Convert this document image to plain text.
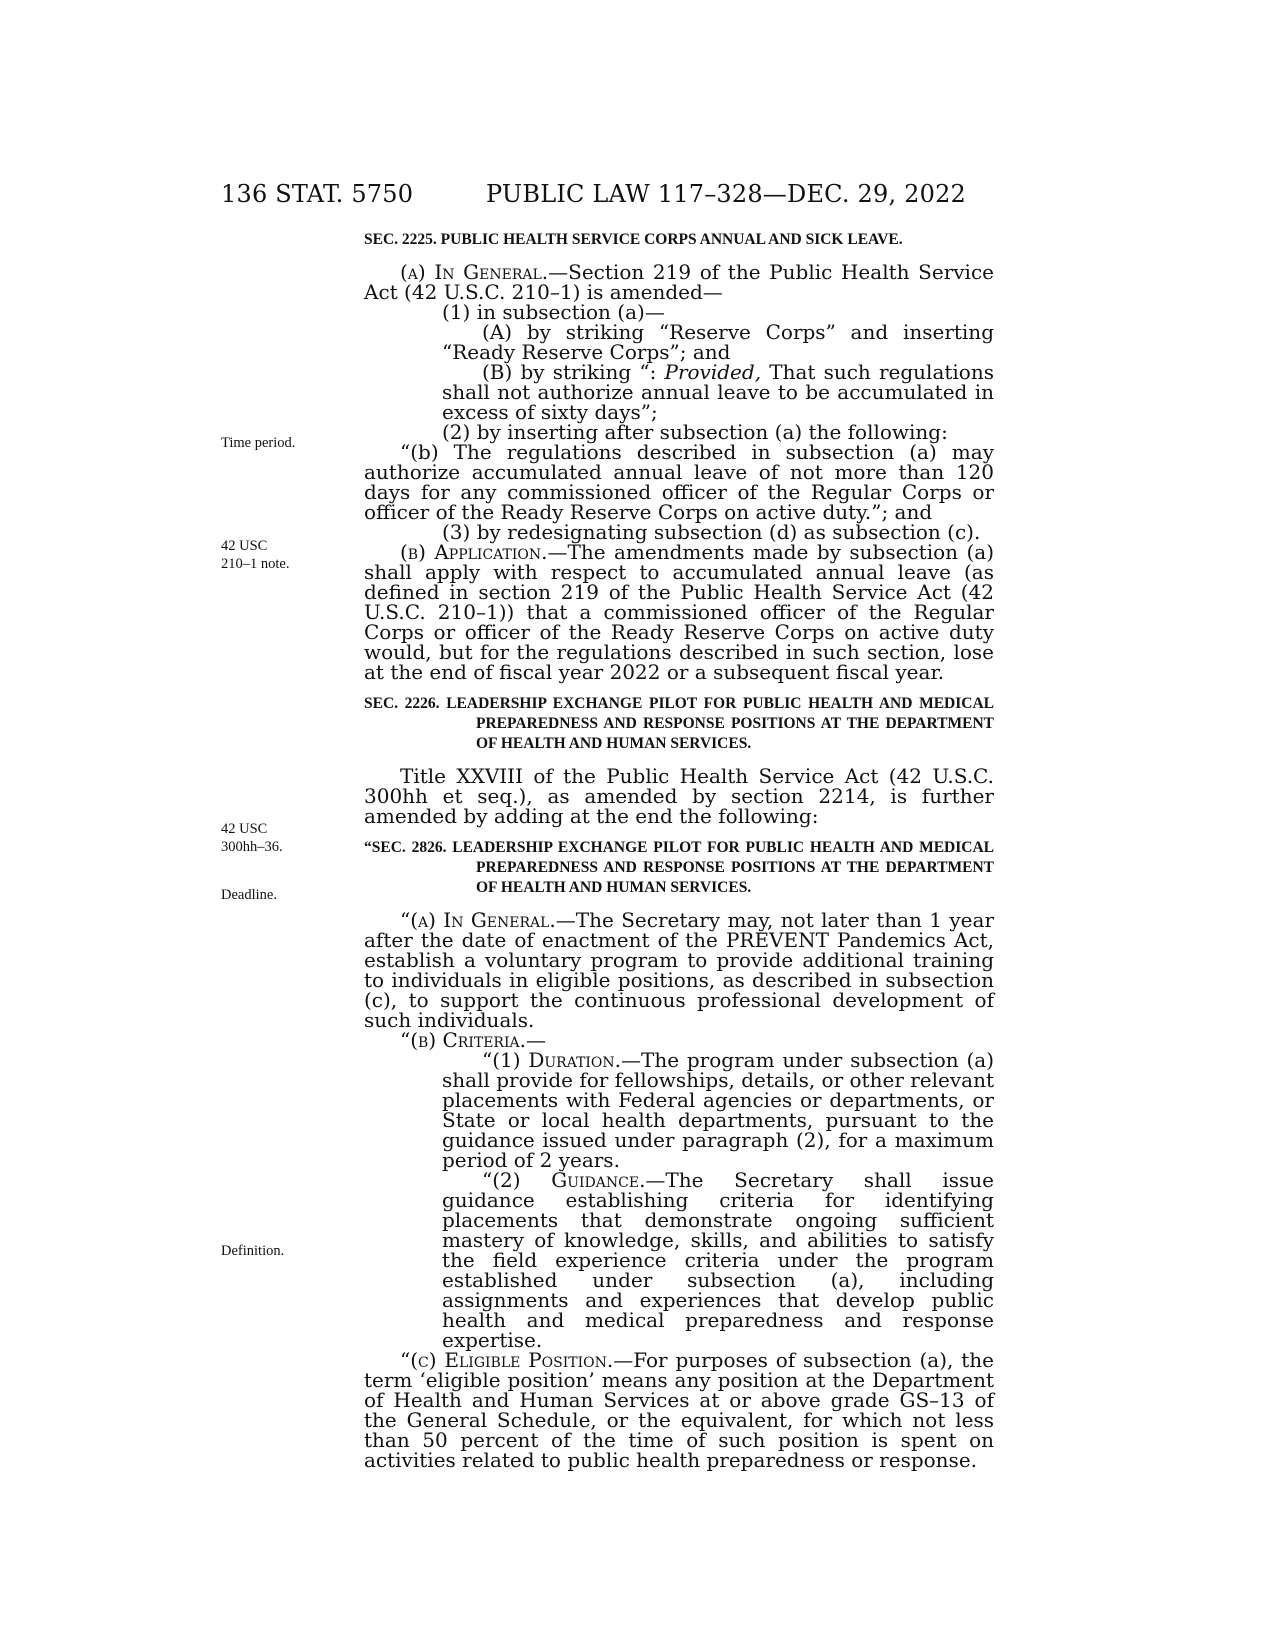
136 STAT. 5750	PUBLIC LAW 117–328—DEC. 29, 2022
Time period.
42 USC
210–1 note.
42 USC
300hh–36.
Deadline.
Definition.
SEC. 2225. PUBLIC HEALTH SERVICE CORPS ANNUAL AND SICK LEAVE.

(a) In General.—Section 219 of the Public Health Service Act (42 U.S.C. 210–1) is amended—

(1) in subsection (a)—

(A) by striking “Reserve Corps” and inserting “Ready Reserve Corps”; and

(B) by striking “: Provided, That such regulations shall not authorize annual leave to be accumulated in excess of sixty days”;

(2) by inserting after subsection (a) the following:

“(b) The regulations described in subsection (a) may authorize accumulated annual leave of not more than 120 days for any commissioned officer of the Regular Corps or officer of the Ready Reserve Corps on active duty.”; and

(3) by redesignating subsection (d) as subsection (c).

(b) Application.—The amendments made by subsection (a) shall apply with respect to accumulated annual leave (as defined in section 219 of the Public Health Service Act (42 U.S.C. 210–1)) that a commissioned officer of the Regular Corps or officer of the Ready Reserve Corps on active duty would, but for the regulations described in such section, lose at the end of fiscal year 2022 or a subsequent fiscal year.

SEC. 2226. LEADERSHIP EXCHANGE PILOT FOR PUBLIC HEALTH AND MEDICAL PREPAREDNESS AND RESPONSE POSITIONS AT THE DEPARTMENT OF HEALTH AND HUMAN SERVICES.

Title XXVIII of the Public Health Service Act (42 U.S.C. 300hh et seq.), as amended by section 2214, is further amended by adding at the end the following:

“SEC. 2826. LEADERSHIP EXCHANGE PILOT FOR PUBLIC HEALTH AND MEDICAL PREPAREDNESS AND RESPONSE POSITIONS AT THE DEPARTMENT OF HEALTH AND HUMAN SERVICES.

“(a) In General.—The Secretary may, not later than 1 year after the date of enactment of the PREVENT Pandemics Act, establish a voluntary program to provide additional training to individuals in eligible positions, as described in subsection (c), to support the continuous professional development of such individuals.

“(b) Criteria.—

“(1) Duration.—The program under subsection (a) shall provide for fellowships, details, or other relevant placements with Federal agencies or departments, or State or local health departments, pursuant to the guidance issued under paragraph (2), for a maximum period of 2 years.

“(2) Guidance.—The Secretary shall issue guidance establishing criteria for identifying placements that demonstrate ongoing sufficient mastery of knowledge, skills, and abilities to satisfy the field experience criteria under the program established under subsection (a), including assignments and experiences that develop public health and medical preparedness and response expertise.

“(c) Eligible Position.—For purposes of subsection (a), the term ‘eligible position’ means any position at the Department of Health and Human Services at or above grade GS–13 of the General Schedule, or the equivalent, for which not less than 50 percent of the time of such position is spent on activities related to public health preparedness or response.
